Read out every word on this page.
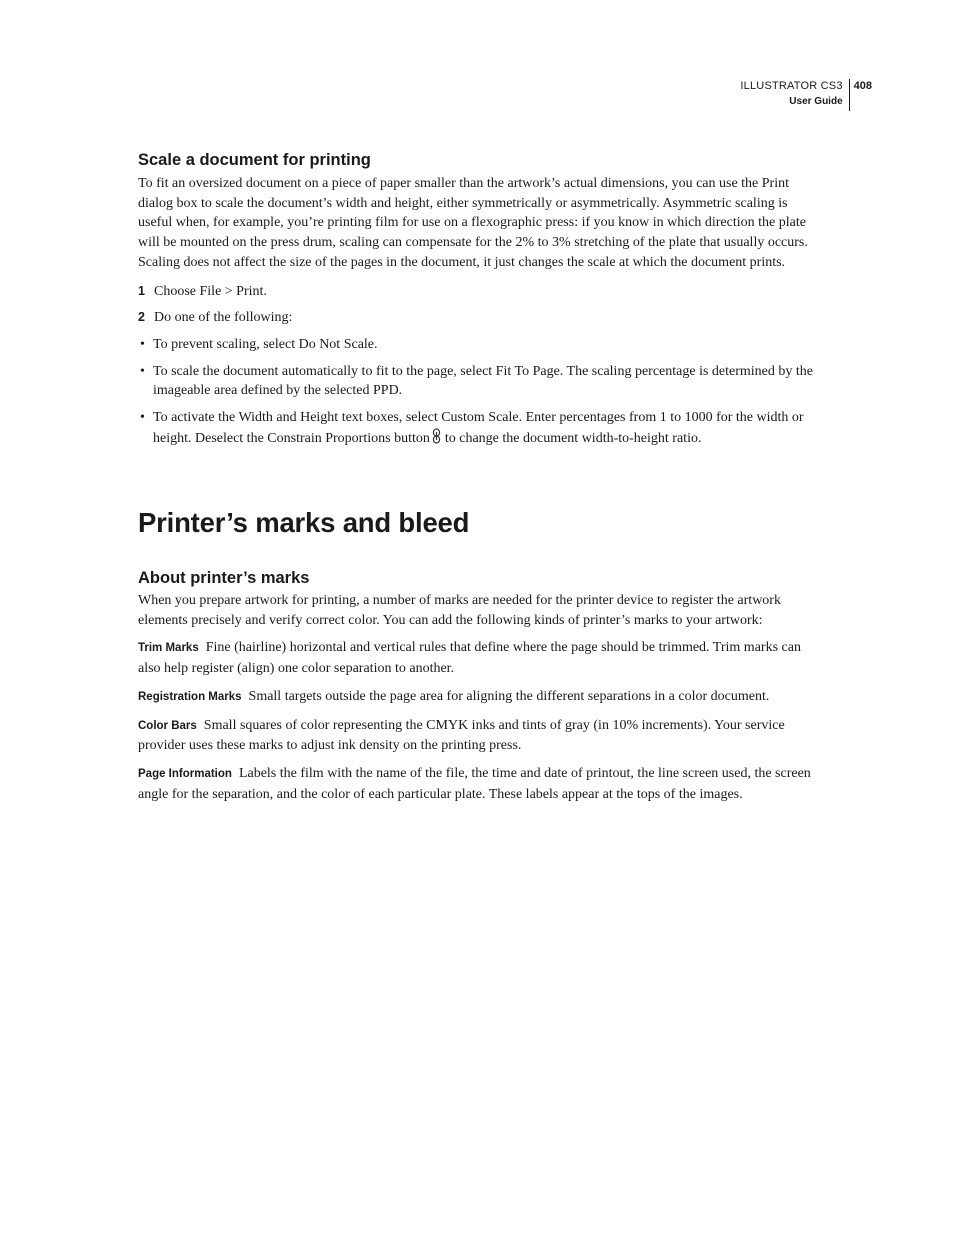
ILLUSTRATOR CS3
User Guide
408
Scale a document for printing

To fit an oversized document on a piece of paper smaller than the artwork’s actual dimensions, you can use the Print dialog box to scale the document’s width and height, either symmetrically or asymmetrically. Asymmetric scaling is useful when, for example, you’re printing film for use on a flexographic press: if you know in which direction the plate will be mounted on the press drum, scaling can compensate for the 2% to 3% stretching of the plate that usually occurs. Scaling does not affect the size of the pages in the document, it just changes the scale at which the document prints.

1 Choose File > Print.
2 Do one of the following:
• To prevent scaling, select Do Not Scale.
• To scale the document automatically to fit to the page, select Fit To Page. The scaling percentage is determined by the imageable area defined by the selected PPD.
• To activate the Width and Height text boxes, select Custom Scale. Enter percentages from 1 to 1000 for the width or height. Deselect the Constrain Proportions button to change the document width-to-height ratio.
Printer’s marks and bleed
About printer’s marks

When you prepare artwork for printing, a number of marks are needed for the printer device to register the artwork elements precisely and verify correct color. You can add the following kinds of printer’s marks to your artwork:

Trim Marks Fine (hairline) horizontal and vertical rules that define where the page should be trimmed. Trim marks can also help register (align) one color separation to another.

Registration Marks Small targets outside the page area for aligning the different separations in a color document.

Color Bars Small squares of color representing the CMYK inks and tints of gray (in 10% increments). Your service provider uses these marks to adjust ink density on the printing press.

Page Information Labels the film with the name of the file, the time and date of printout, the line screen used, the screen angle for the separation, and the color of each particular plate. These labels appear at the tops of the images.
